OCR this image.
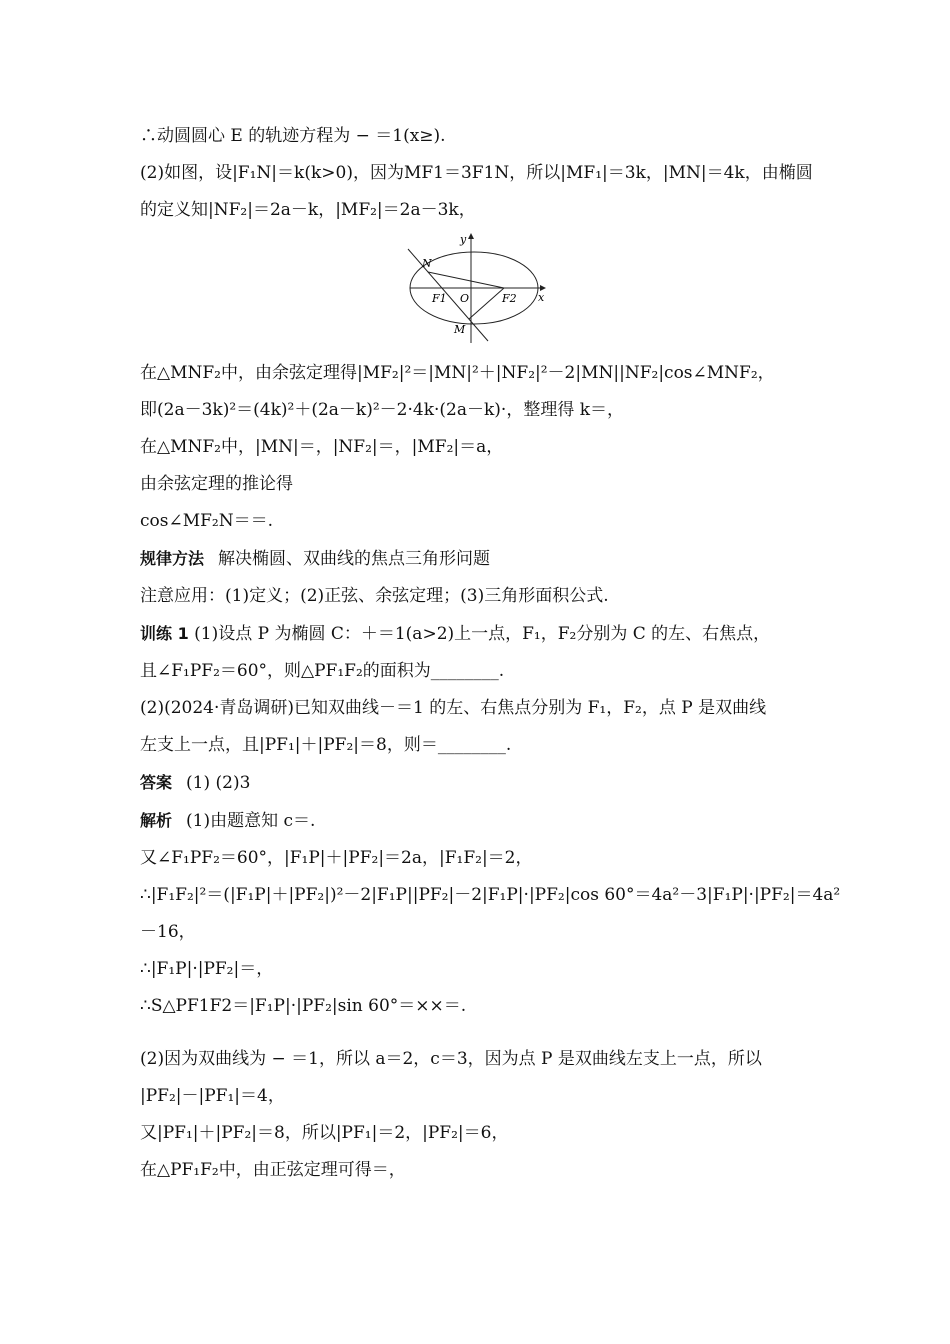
∴动圆圆心 E 的轨迹方程为 − ＝1(x≥).
(2)如图，设|F₁N|＝k(k>0)，因为MF1＝3F1N，所以|MF₁|＝3k，|MN|＝4k，由椭圆
的定义知|NF₂|＝2a－k，|MF₂|＝2a－3k，
y
x
N
F1 O	F2
M
在△MNF₂中，由余弦定理得|MF₂|²＝|MN|²＋|NF₂|²－2|MN||NF₂|cos∠MNF₂，
即(2a－3k)²＝(4k)²＋(2a－k)²－2·4k·(2a－k)·，整理得 k＝，
在△MNF₂中，|MN|＝，|NF₂|＝，|MF₂|＝a，
由余弦定理的推论得
cos∠MF₂N＝＝.
规律方法 解决椭圆、双曲线的焦点三角形问题
注意应用：(1)定义；(2)正弦、余弦定理；(3)三角形面积公式.
训练 1 (1)设点 P 为椭圆 C：＋＝1(a>2)上一点，F₁，F₂分别为 C 的左、右焦点，
且∠F₁PF₂＝60°，则△PF₁F₂的面积为________.
(2)(2024·青岛调研)已知双曲线－＝1 的左、右焦点分别为 F₁，F₂，点 P 是双曲线
左支上一点，且|PF₁|＋|PF₂|＝8，则＝________.
答案 (1) (2)3
解析 (1)由题意知 c＝.
又∠F₁PF₂＝60°，|F₁P|＋|PF₂|＝2a，|F₁F₂|＝2，
∴|F₁F₂|²＝(|F₁P|＋|PF₂|)²－2|F₁P||PF₂|－2|F₁P|·|PF₂|cos 60°＝4a²－3|F₁P|·|PF₂|＝4a²
－16，
∴|F₁P|·|PF₂|＝，
∴S△PF1F2＝|F₁P|·|PF₂|sin 60°＝××＝.
(2)因为双曲线为 − ＝1，所以 a＝2，c＝3，因为点 P 是双曲线左支上一点，所以
|PF₂|－|PF₁|＝4，
又|PF₁|＋|PF₂|＝8，所以|PF₁|＝2，|PF₂|＝6，
在△PF₁F₂中，由正弦定理可得＝，
